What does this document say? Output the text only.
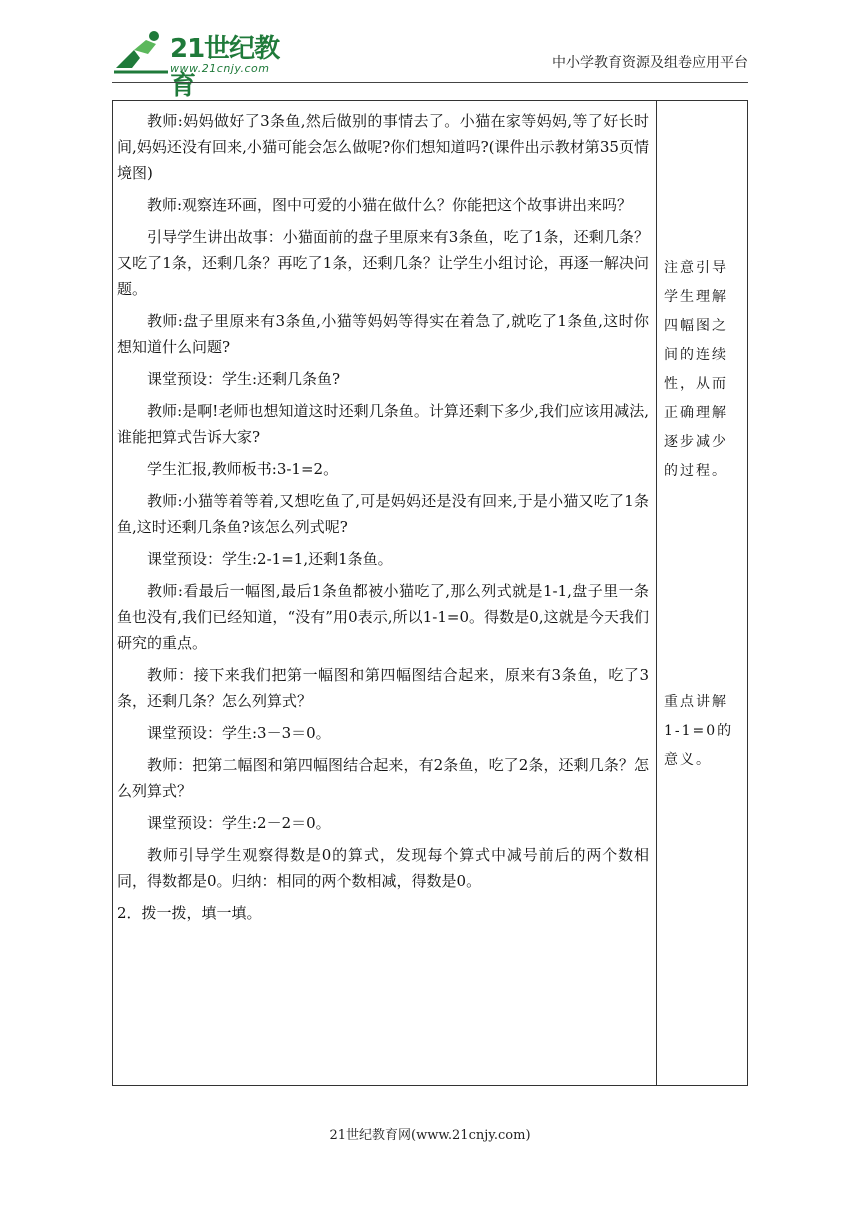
21世纪教育
www.21cnjy.com	中小学教育资源及组卷应用平台

教师:妈妈做好了3条鱼,然后做别的事情去了。小猫在家等妈妈,等了好长时间,妈妈还没有回来,小猫可能会怎么做呢?你们想知道吗?(课件出示教材第35页情境图)

教师:观察连环画，图中可爱的小猫在做什么？你能把这个故事讲出来吗？

引导学生讲出故事：小猫面前的盘子里原来有3条鱼，吃了1条，还剩几条？又吃了1条，还剩几条？再吃了1条，还剩几条？让学生小组讨论，再逐一解决问题。

教师:盘子里原来有3条鱼,小猫等妈妈等得实在着急了,就吃了1条鱼,这时你想知道什么问题?

课堂预设：学生:还剩几条鱼?

教师:是啊!老师也想知道这时还剩几条鱼。计算还剩下多少,我们应该用减法,谁能把算式告诉大家?

学生汇报,教师板书:3-1=2。

教师:小猫等着等着,又想吃鱼了,可是妈妈还是没有回来,于是小猫又吃了1条鱼,这时还剩几条鱼?该怎么列式呢?

课堂预设：学生:2-1=1,还剩1条鱼。

教师:看最后一幅图,最后1条鱼都被小猫吃了,那么列式就是1-1,盘子里一条鱼也没有,我们已经知道，“没有”用0表示,所以1-1=0。得数是0,这就是今天我们研究的重点。

教师：接下来我们把第一幅图和第四幅图结合起来，原来有3条鱼，吃了3条，还剩几条？怎么列算式？

课堂预设：学生:3－3＝0。

教师：把第二幅图和第四幅图结合起来，有2条鱼，吃了2条，还剩几条？怎么列算式？

课堂预设：学生:2－2＝0。

教师引导学生观察得数是0的算式，发现每个算式中减号前后的两个数相同，得数都是0。归纳：相同的两个数相减，得数是0。

2．拨一拨，填一填。

注意引导学生理解四幅图之间的连续性，从而正确理解逐步减少的过程。
重点讲解1-1=0的意义。
21世纪教育网(www.21cnjy.com)
